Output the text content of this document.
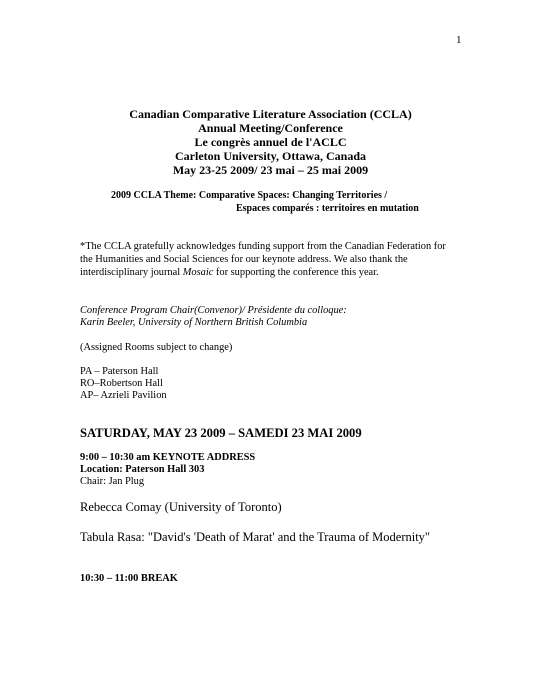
1
Canadian Comparative Literature Association (CCLA)
Annual Meeting/Conference
Le congrès annuel de l'ACLC
Carleton University, Ottawa, Canada
May 23-25 2009/ 23 mai – 25 mai 2009
2009 CCLA Theme: Comparative Spaces: Changing Territories /
Espaces comparés : territoires en mutation
*The CCLA gratefully acknowledges funding support from the Canadian Federation for
the Humanities and Social Sciences for our keynote address. We also thank the
interdisciplinary journal Mosaic for supporting the conference this year.
Conference Program Chair(Convenor)/ Présidente du colloque:
Karin Beeler, University of Northern British Columbia
(Assigned Rooms subject to change)
PA – Paterson Hall
RO–Robertson Hall
AP– Azrieli Pavilion
SATURDAY, MAY 23 2009 – SAMEDI 23 MAI 2009
9:00 – 10:30 am KEYNOTE ADDRESS
Location: Paterson Hall 303
Chair: Jan Plug
Rebecca Comay (University of Toronto)
Tabula Rasa: "David's 'Death of Marat' and the Trauma of Modernity"
10:30 – 11:00 BREAK
